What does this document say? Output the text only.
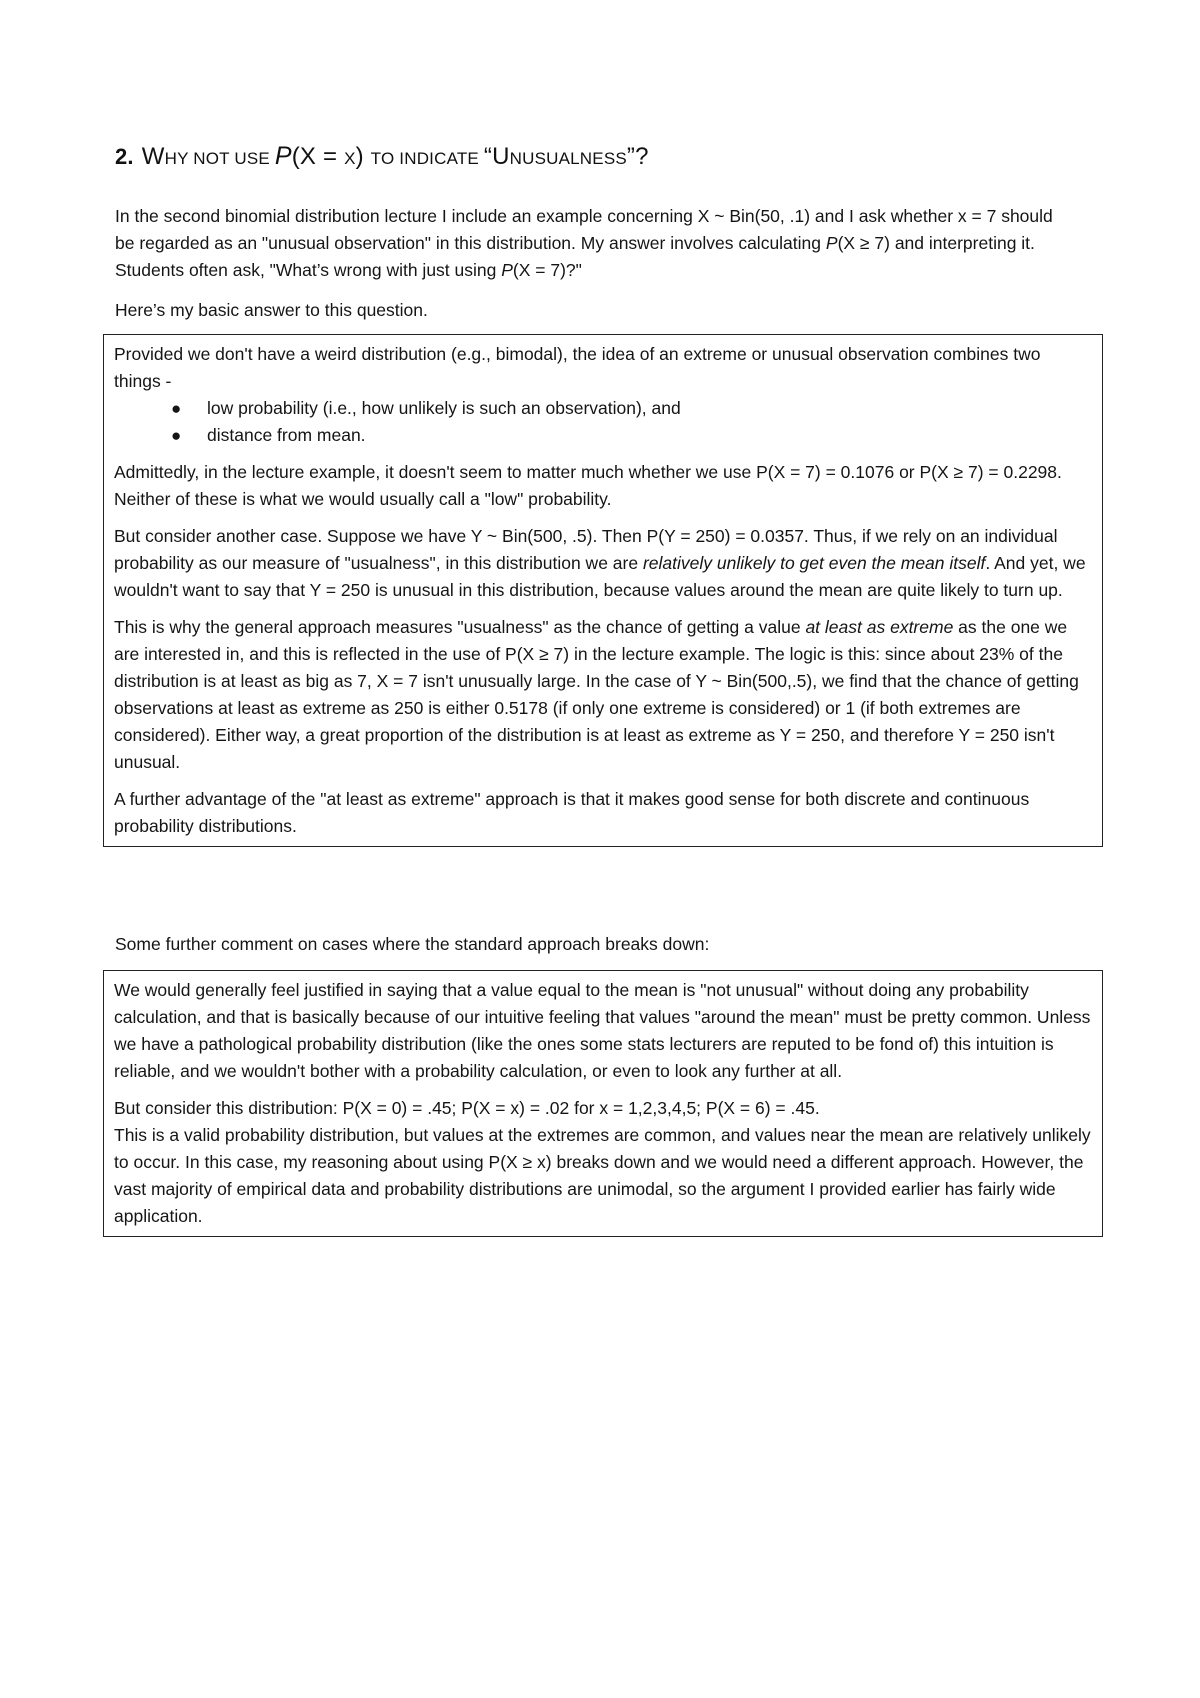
2. WHY NOT USE P(X = X) TO INDICATE “UNUSUALNESS”?
In the second binomial distribution lecture I include an example concerning X ~ Bin(50, .1) and I ask whether x = 7 should be regarded as an "unusual observation" in this distribution. My answer involves calculating P(X ≥ 7) and interpreting it. Students often ask, "What’s wrong with just using P(X = 7)?"
Here’s my basic answer to this question.

Provided we don't have a weird distribution (e.g., bimodal), the idea of an extreme or unusual observation combines two things -

● low probability (i.e., how unlikely is such an observation), and
● distance from mean.

Admittedly, in the lecture example, it doesn't seem to matter much whether we use P(X = 7) = 0.1076 or P(X ≥ 7) = 0.2298. Neither of these is what we would usually call a "low" probability.

But consider another case. Suppose we have Y ~ Bin(500, .5). Then P(Y = 250) = 0.0357. Thus, if we rely on an individual probability as our measure of "usualness", in this distribution we are relatively unlikely to get even the mean itself. And yet, we wouldn't want to say that Y = 250 is unusual in this distribution, because values around the mean are quite likely to turn up.

This is why the general approach measures "usualness" as the chance of getting a value at least as extreme as the one we are interested in, and this is reflected in the use of P(X ≥ 7) in the lecture example. The logic is this: since about 23% of the distribution is at least as big as 7, X = 7 isn't unusually large. In the case of Y ~ Bin(500,.5), we find that the chance of getting observations at least as extreme as 250 is either 0.5178 (if only one extreme is considered) or 1 (if both extremes are considered). Either way, a great proportion of the distribution is at least as extreme as Y = 250, and therefore Y = 250 isn't unusual.

A further advantage of the "at least as extreme" approach is that it makes good sense for both discrete and continuous probability distributions.

Some further comment on cases where the standard approach breaks down:

We would generally feel justified in saying that a value equal to the mean is "not unusual" without doing any probability calculation, and that is basically because of our intuitive feeling that values "around the mean" must be pretty common. Unless we have a pathological probability distribution (like the ones some stats lecturers are reputed to be fond of) this intuition is reliable, and we wouldn't bother with a probability calculation, or even to look any further at all.

But consider this distribution: P(X = 0) = .45; P(X = x) = .02 for x = 1,2,3,4,5; P(X = 6) = .45.
This is a valid probability distribution, but values at the extremes are common, and values near the mean are relatively unlikely to occur. In this case, my reasoning about using P(X ≥ x) breaks down and we would need a different approach. However, the vast majority of empirical data and probability distributions are unimodal, so the argument I provided earlier has fairly wide application.
